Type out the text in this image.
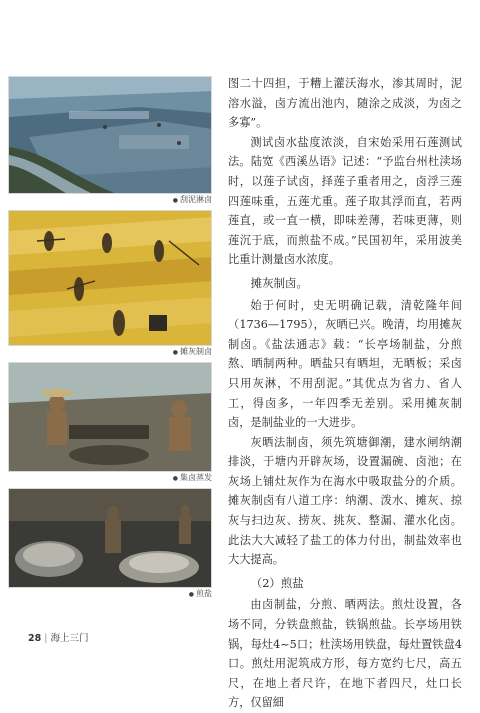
● 刮泥淋卤
● 摊灰制卤
● 集卤蒸发
● 煎盐

图二十四担，于糟上灌沃海水，渗其周时，泥溶水溢，卤方流出池内，随涂之成淡，为卤之多寡”。

测试卤水盐度浓淡，自宋始采用石莲测试法。陆宽《西溪丛语》记述：“予监台州杜渎场时，以莲子试卤，择莲子重者用之，卤浮三莲四莲味重，五莲尤重。莲子取其浮而直，若两莲直，或一直一横，即味差薄，若味更薄，则莲沉于底，而煎盐不成。”民国初年，采用波美比重计测量卤水浓度。

摊灰制卤。

始于何时，史无明确记载，清乾隆年间（1736—1795），灰晒已兴。晚清，均用摊灰制卤。《盐法通志》载：“长亭场制盐，分煎熬、晒制两种。晒盐只有晒坦，无晒板；采卤只用灰淋，不用刮泥。”其优点为省力、省人工，得卤多，一年四季无差别。采用摊灰制卤，是制盐业的一大进步。

灰晒法制卤，须先筑塘御潮，建水闸纳潮排淡，于塘内开辟灰场，设置漏碗、卤池；在灰场上铺灶灰作为在海水中吸取盐分的介质。摊灰制卤有八道工序：纳潮、泼水、摊灰、掠灰与扫边灰、捞灰、挑灰、整漏、灌水化卤。此法大大减轻了盐工的体力付出，制盐效率也大大提高。

（2）煎盐

由卤制盐，分煎、晒两法。煎灶设置，各场不同，分铁盘煎盐，铁锅煎盐。长亭场用铁锅，每灶4~5口；杜渎场用铁盘，每灶置铁盘4口。煎灶用泥筑成方形，每方宽约七尺，高五尺，在地上者尺许，在地下者四尺，灶口长方，仅留細

28 | 海上三门
